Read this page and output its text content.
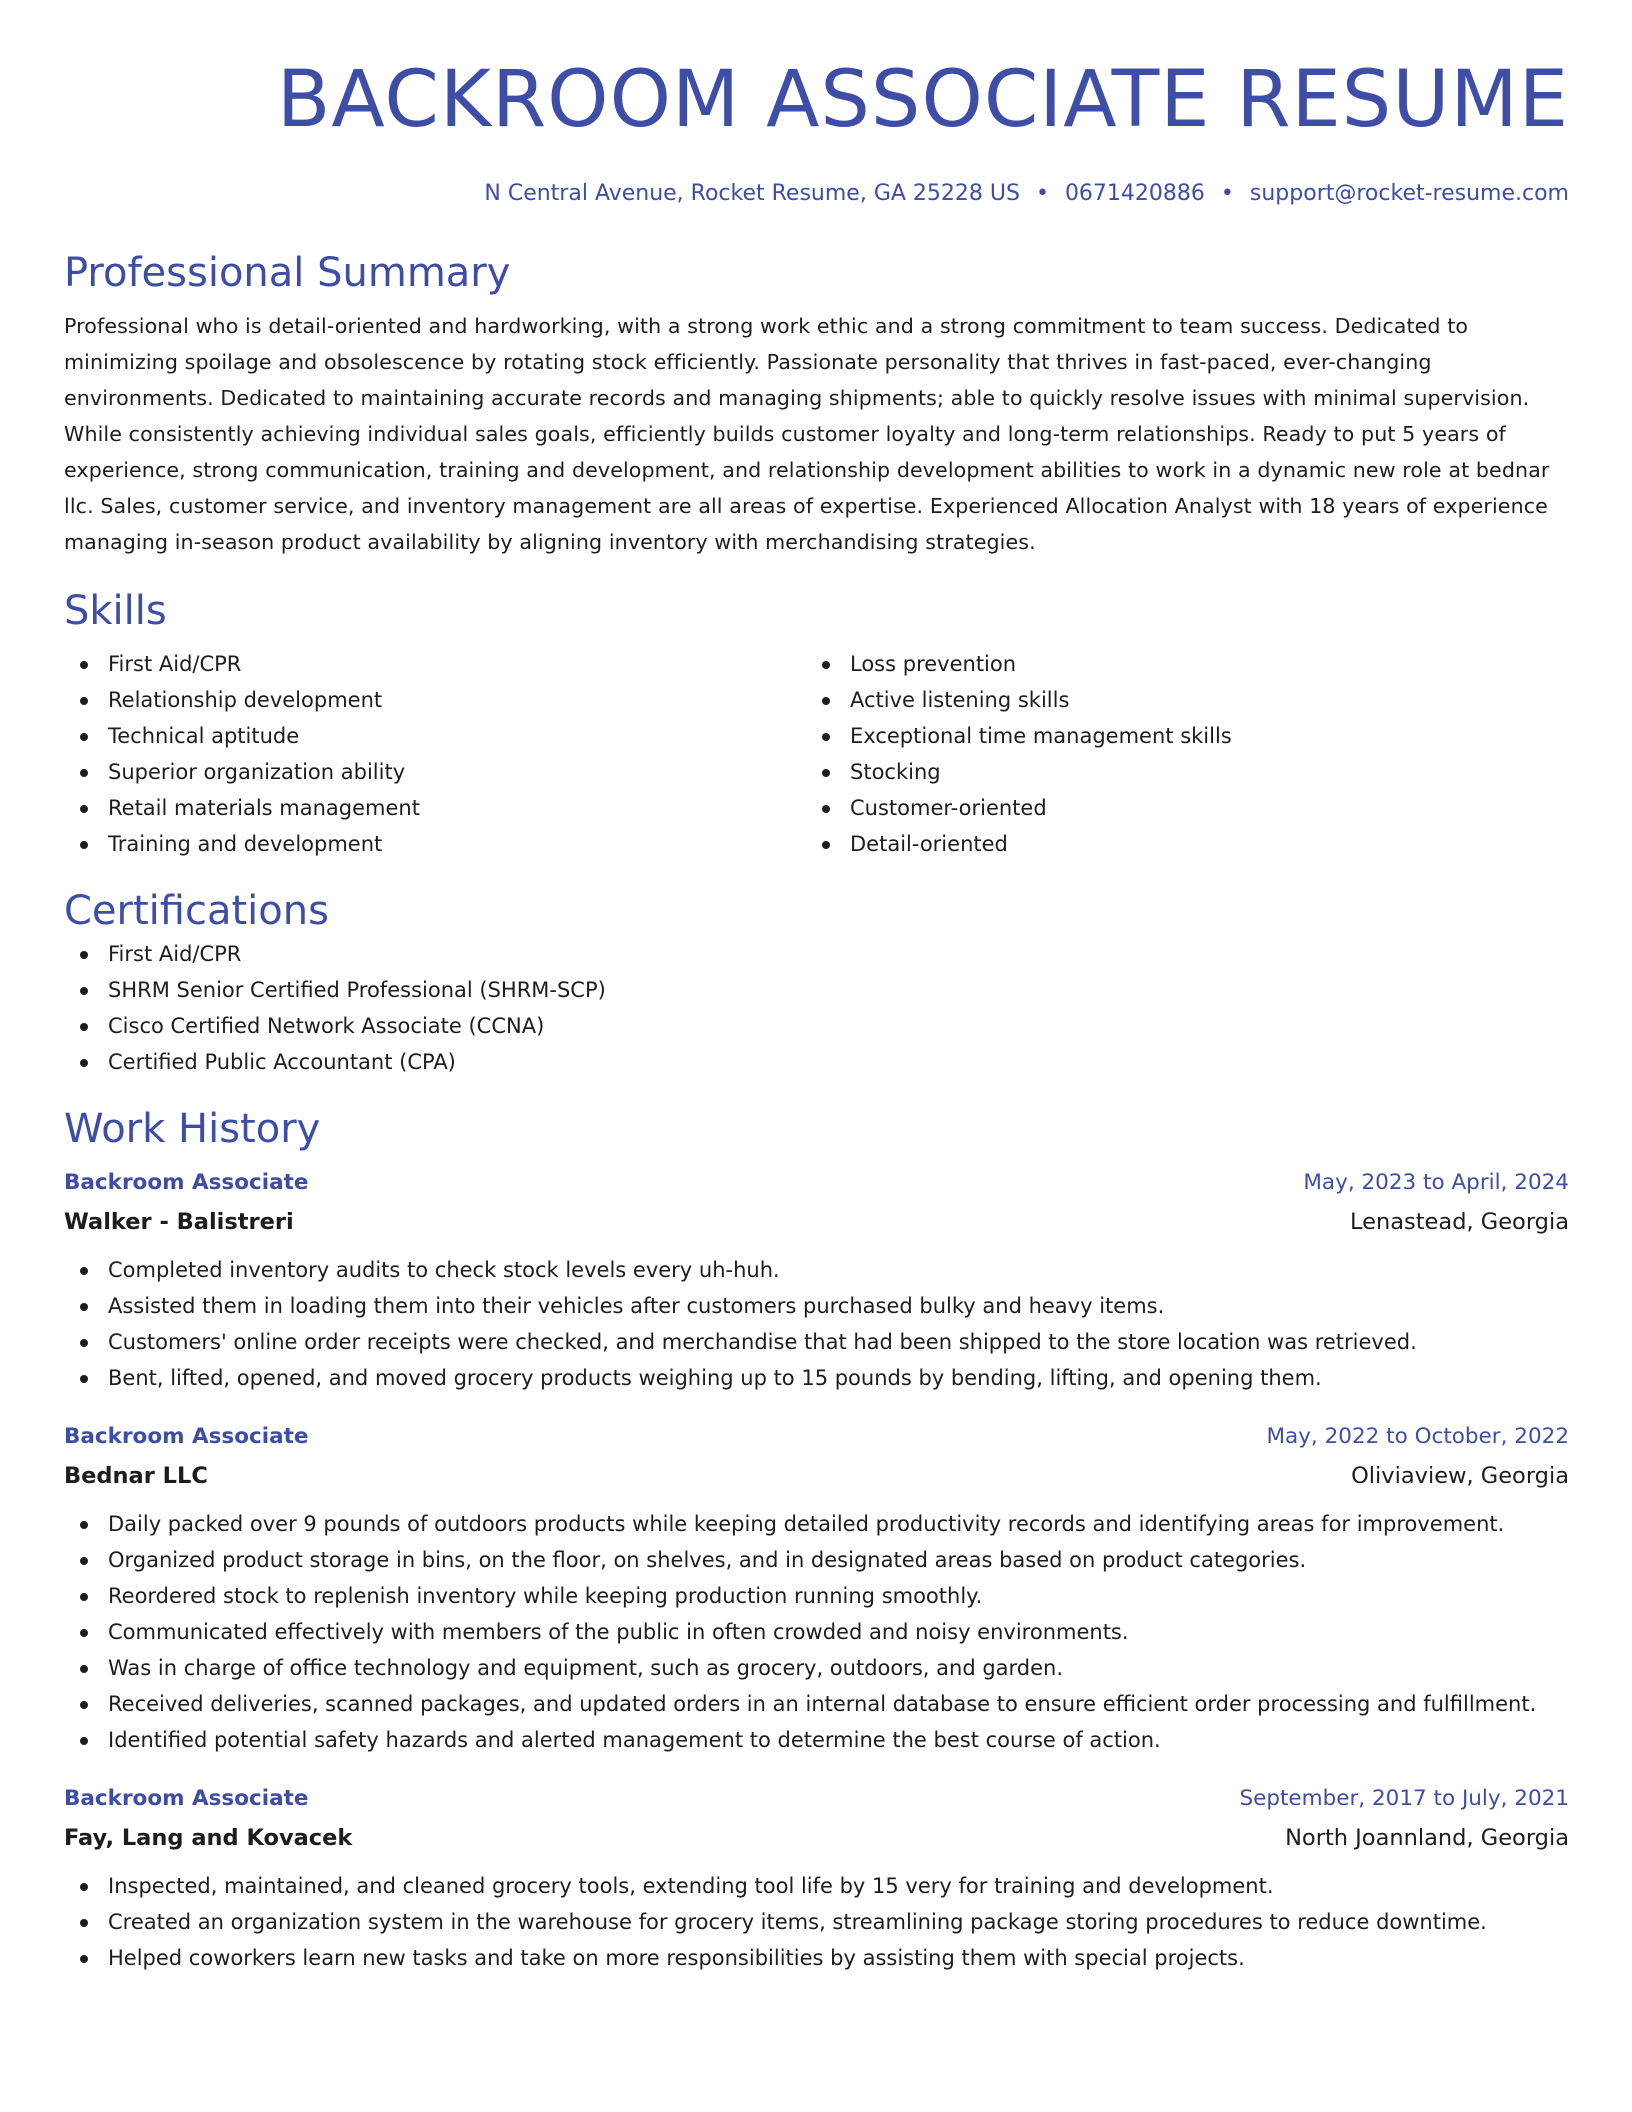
BACKROOM ASSOCIATE RESUME
N Central Avenue, Rocket Resume, GA 25228 US • 0671420886 • support@rocket-resume.com
Professional Summary
Professional who is detail-oriented and hardworking, with a strong work ethic and a strong commitment to team success. Dedicated to minimizing spoilage and obsolescence by rotating stock efficiently. Passionate personality that thrives in fast-paced, ever-changing environments. Dedicated to maintaining accurate records and managing shipments; able to quickly resolve issues with minimal supervision. While consistently achieving individual sales goals, efficiently builds customer loyalty and long-term relationships. Ready to put 5 years of experience, strong communication, training and development, and relationship development abilities to work in a dynamic new role at bednar llc. Sales, customer service, and inventory management are all areas of expertise. Experienced Allocation Analyst with 18 years of experience managing in-season product availability by aligning inventory with merchandising strategies.
Skills
First Aid/CPR
Relationship development
Technical aptitude
Superior organization ability
Retail materials management
Training and development
Loss prevention
Active listening skills
Exceptional time management skills
Stocking
Customer-oriented
Detail-oriented
Certifications
First Aid/CPR
SHRM Senior Certified Professional (SHRM-SCP)
Cisco Certified Network Associate (CCNA)
Certified Public Accountant (CPA)
Work History
Backroom Associate	May, 2023 to April, 2024
Walker - Balistreri	Lenastead, Georgia
Completed inventory audits to check stock levels every uh-huh.
Assisted them in loading them into their vehicles after customers purchased bulky and heavy items.
Customers' online order receipts were checked, and merchandise that had been shipped to the store location was retrieved.
Bent, lifted, opened, and moved grocery products weighing up to 15 pounds by bending, lifting, and opening them.
Backroom Associate	May, 2022 to October, 2022
Bednar LLC	Oliviaview, Georgia
Daily packed over 9 pounds of outdoors products while keeping detailed productivity records and identifying areas for improvement.
Organized product storage in bins, on the floor, on shelves, and in designated areas based on product categories.
Reordered stock to replenish inventory while keeping production running smoothly.
Communicated effectively with members of the public in often crowded and noisy environments.
Was in charge of office technology and equipment, such as grocery, outdoors, and garden.
Received deliveries, scanned packages, and updated orders in an internal database to ensure efficient order processing and fulfillment.
Identified potential safety hazards and alerted management to determine the best course of action.
Backroom Associate	September, 2017 to July, 2021
Fay, Lang and Kovacek	North Joannland, Georgia
Inspected, maintained, and cleaned grocery tools, extending tool life by 15 very for training and development.
Created an organization system in the warehouse for grocery items, streamlining package storing procedures to reduce downtime.
Helped coworkers learn new tasks and take on more responsibilities by assisting them with special projects.
